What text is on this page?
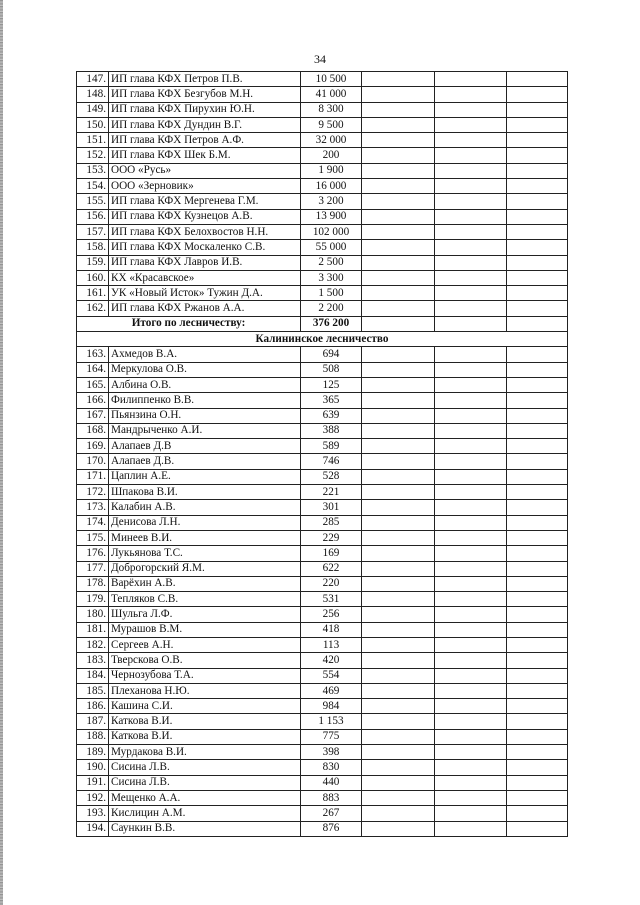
34
147.	ИП глава КФХ Петров П.В.	10 500			
148.	ИП глава КФХ Безгубов М.Н.	41 000			
149.	ИП глава КФХ Пирухин Ю.Н.	8 300			
150.	ИП глава КФХ Дундин В.Г.	9 500			
151.	ИП глава КФХ Петров А.Ф.	32 000			
152.	ИП глава КФХ Шек Б.М.	200			
153.	ООО «Русь»	1 900			
154.	ООО «Зерновик»	16 000			
155.	ИП глава КФХ Мергенева Г.М.	3 200			
156.	ИП глава КФХ Кузнецов А.В.	13 900			
157.	ИП глава КФХ Белохвостов Н.Н.	102 000			
158.	ИП глава КФХ Москаленко С.В.	55 000			
159.	ИП глава КФХ Лавров И.В.	2 500			
160.	КХ «Красавское»	3 300			
161.	УК «Новый Исток» Тужин Д.А.	1 500			
162.	ИП глава КФХ Ржанов А.А.	2 200			
Итого по лесничеству:		376 200			
Калининское лесничество					
163.	Ахмедов В.А.	694			
164.	Меркулова О.В.	508			
165.	Албина О.В.	125			
166.	Филиппенко В.В.	365			
167.	Пьянзина О.Н.	639			
168.	Мандрыченко А.И.	388			
169.	Алапаев Д.В	589			
170.	Алапаев Д.В.	746			
171.	Цаплин А.Е.	528			
172.	Шпакова В.И.	221			
173.	Калабин А.В.	301			
174.	Денисова Л.Н.	285			
175.	Минеев В.И.	229			
176.	Лукьянова Т.С.	169			
177.	Доброгорский Я.М.	622			
178.	Варёхин А.В.	220			
179.	Тепляков С.В.	531			
180.	Шульга Л.Ф.	256			
181.	Мурашов В.М.	418			
182.	Сергеев А.Н.	113			
183.	Тверскова О.В.	420			
184.	Чернозубова Т.А.	554			
185.	Плеханова Н.Ю.	469			
186.	Кашина С.И.	984			
187.	Каткова В.И.	1 153			
188.	Каткова В.И.	775			
189.	Мурдакова В.И.	398			
190.	Сисина Л.В.	830			
191.	Сисина Л.В.	440			
192.	Мещенко А.А.	883			
193.	Кислицин А.М.	267			
194.	Саункин В.В.	876			
